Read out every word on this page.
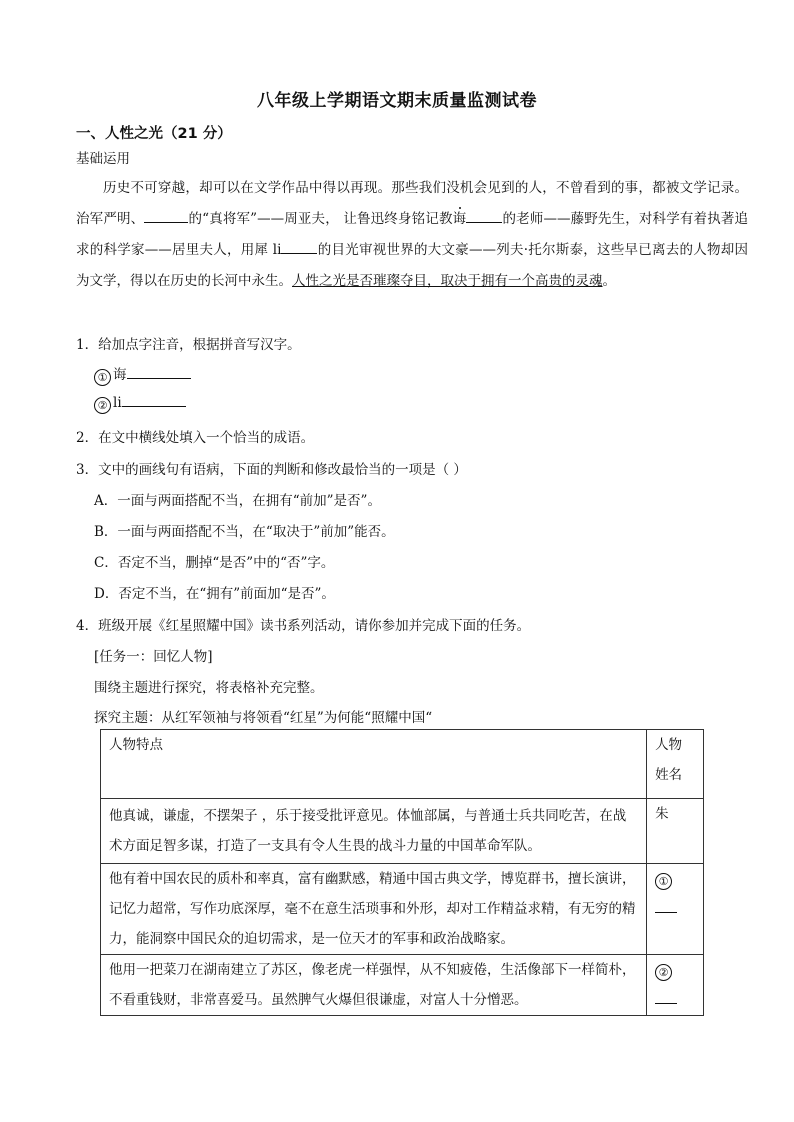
八年级上学期语文期末质量监测试卷
一、人性之光（21 分）
基础运用

历史不可穿越，却可以在文学作品中得以再现。那些我们没机会见到的人，不曾看到的事，都被文学记录。治军严明、	的“真将军”——周亚夫， 让鲁迅终身铭记教诲	的老师——藤野先生，对科学有着执著追求的科学家——居里夫人，用犀 li	的目光审视世界的大文豪——列夫·托尔斯泰，这些早已离去的人物却因为文学，得以在历史的长河中永生。人性之光是否璀璨夺目，取决于拥有一个高贵的灵魂。

1．给加点字注音，根据拼音写汉字。
① 诲
② li
2．在文中横线处填入一个恰当的成语。
3．文中的画线句有语病，下面的判断和修改最恰当的一项是（ ）
A．一面与两面搭配不当，在拥有“前加”是否”。
B．一面与两面搭配不当，在“取决于”前加”能否。
C．否定不当，删掉“是否”中的“否”字。
D．否定不当，在“拥有”前面加“是否”。
4．班级开展《红星照耀中国》读书系列活动，请你参加并完成下面的任务。
[任务一：回忆人物]
围绕主题进行探究，将表格补充完整。
探究主题：从红军领袖与将领看“红星”为何能“照耀中国“
人物特点	人物
姓名

他真诚，谦虚，不摆架子 ，乐于接受批评意见。体恤部属，与普通士兵共同吃苦，在战术方面足智多谋，打造了一支具有令人生畏的战斗力量的中国革命军队。	朱
他有着中国农民的质朴和率真，富有幽默感，精通中国古典文学，博览群书，擅长演讲，记忆力超常，写作功底深厚，毫不在意生活琐事和外形，却对工作精益求精，有无穷的精力，能洞察中国民众的迫切需求，是一位天才的军事和政治战略家。	①
他用一把菜刀在湖南建立了苏区，像老虎一样强悍，从不知疲倦，生活像部下一样简朴，不看重钱财，非常喜爱马。虽然脾气火爆但很谦虚，对富人十分憎恶。	②
